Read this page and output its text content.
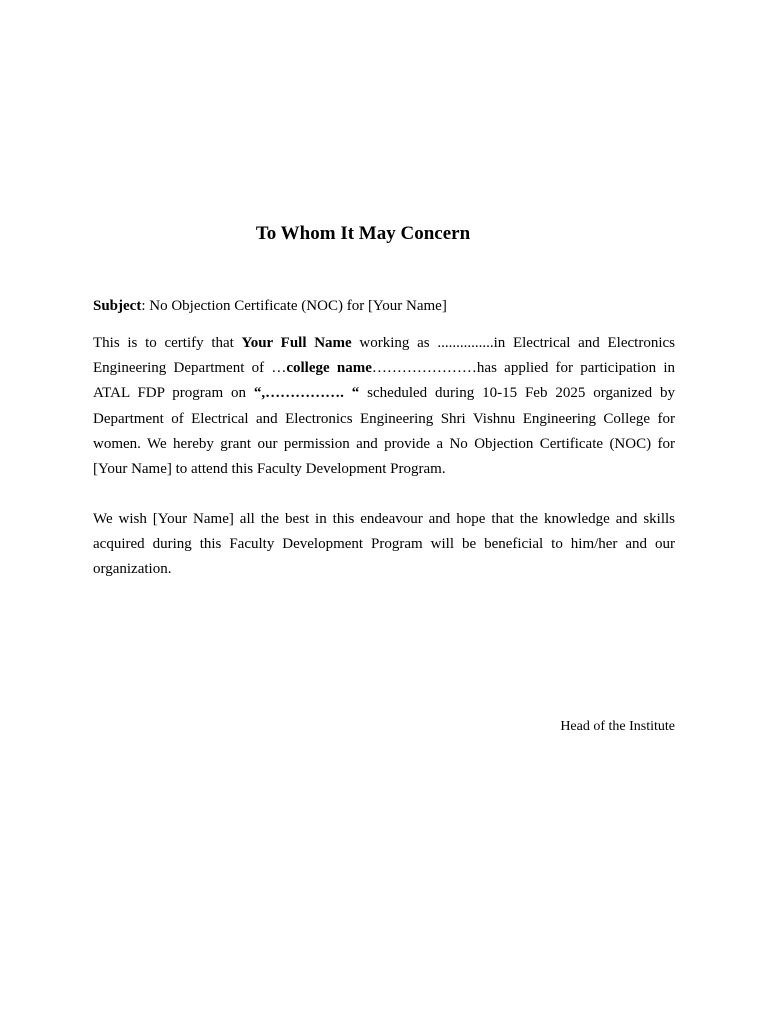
To Whom It May Concern

Subject: No Objection Certificate (NOC) for [Your Name]

This is to certify that Your Full Name working as ...............in Electrical and Electronics Engineering Department of …college name…………………has applied for participation in ATAL FDP program on “,……………. “ scheduled during 10-15 Feb 2025 organized by Department of Electrical and Electronics Engineering Shri Vishnu Engineering College for women. We hereby grant our permission and provide a No Objection Certificate (NOC) for [Your Name] to attend this Faculty Development Program.

We wish [Your Name] all the best in this endeavour and hope that the knowledge and skills acquired during this Faculty Development Program will be beneficial to him/her and our organization.

Head of the Institute
